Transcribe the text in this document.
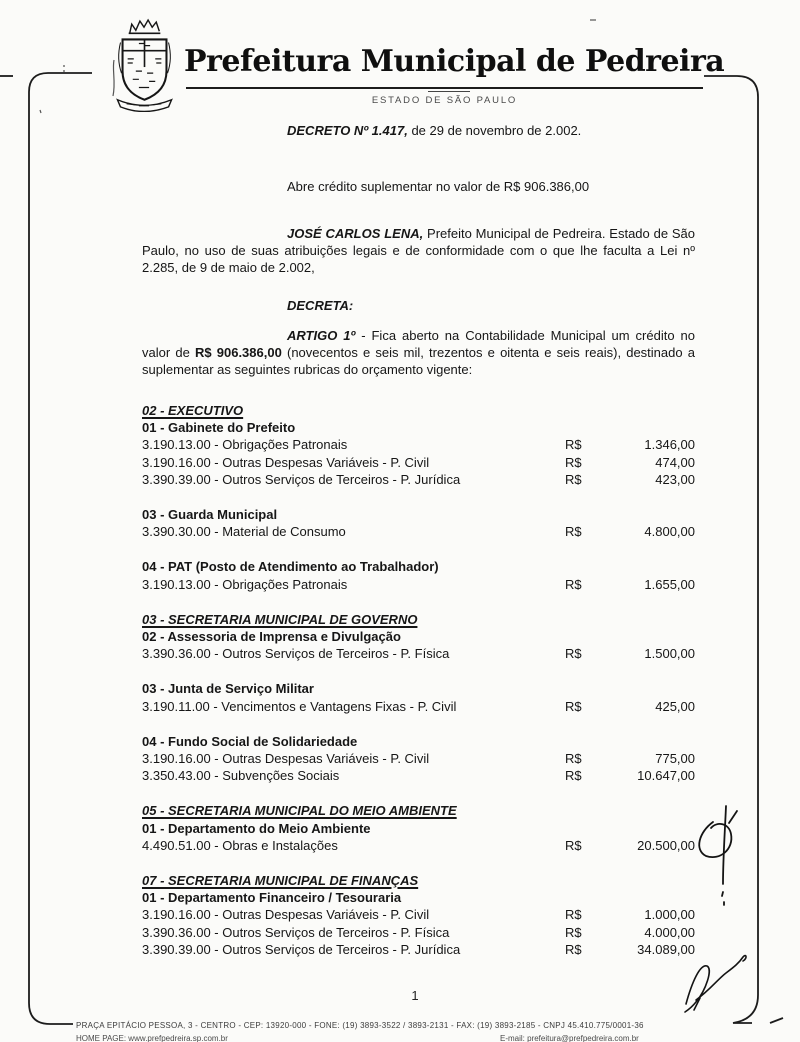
Prefeitura Municipal de Pedreira
ESTADO DE SÃO PAULO
DECRETO Nº 1.417, de 29 de novembro de 2.002.
Abre crédito suplementar no valor de R$ 906.386,00
JOSÉ CARLOS LENA, Prefeito Municipal de Pedreira. Estado de São Paulo, no uso de suas atribuições legais e de conformidade com o que lhe faculta a Lei nº 2.285, de 9 de maio de 2.002,
DECRETA:
ARTIGO 1º - Fica aberto na Contabilidade Municipal um crédito no valor de R$ 906.386,00 (novecentos e seis mil, trezentos e oitenta e seis reais), destinado a suplementar as seguintes rubricas do orçamento vigente:
02 - EXECUTIVO
01 - Gabinete do Prefeito
3.190.13.00 - Obrigações Patronais	R$	1.346,00
3.190.16.00 - Outras Despesas Variáveis - P. Civil	R$	474,00
3.390.39.00 - Outros Serviços de Terceiros - P. Jurídica	R$	423,00
03 - Guarda Municipal
3.390.30.00 - Material de Consumo	R$	4.800,00
04 - PAT (Posto de Atendimento ao Trabalhador)
3.190.13.00 - Obrigações Patronais	R$	1.655,00
03 - SECRETARIA MUNICIPAL DE GOVERNO
02 - Assessoria de Imprensa e Divulgação
3.390.36.00 - Outros Serviços de Terceiros - P. Física	R$	1.500,00
03 - Junta de Serviço Militar
3.190.11.00 - Vencimentos e Vantagens Fixas - P. Civil	R$	425,00
04 - Fundo Social de Solidariedade
3.190.16.00 - Outras Despesas Variáveis - P. Civil	R$	775,00
3.350.43.00 - Subvenções Sociais	R$	10.647,00
05 - SECRETARIA MUNICIPAL DO MEIO AMBIENTE
01 - Departamento do Meio Ambiente
4.490.51.00 - Obras e Instalações	R$	20.500,00
07 - SECRETARIA MUNICIPAL DE FINANÇAS
01 - Departamento Financeiro / Tesouraria
3.190.16.00 - Outras Despesas Variáveis - P. Civil	R$	1.000,00
3.390.36.00 - Outros Serviços de Terceiros - P. Física	R$	4.000,00
3.390.39.00 - Outros Serviços de Terceiros - P. Jurídica	R$	34.089,00
1
PRAÇA EPITÁCIO PESSOA, 3 - CENTRO - CEP: 13920-000 - FONE: (19) 3893-3522 / 3893-2131 - FAX: (19) 3893-2185 - CNPJ 45.410.775/0001-36
HOME PAGE: www.prefpedreira.sp.com.br	E-mail: prefeitura@prefpedreira.com.br
